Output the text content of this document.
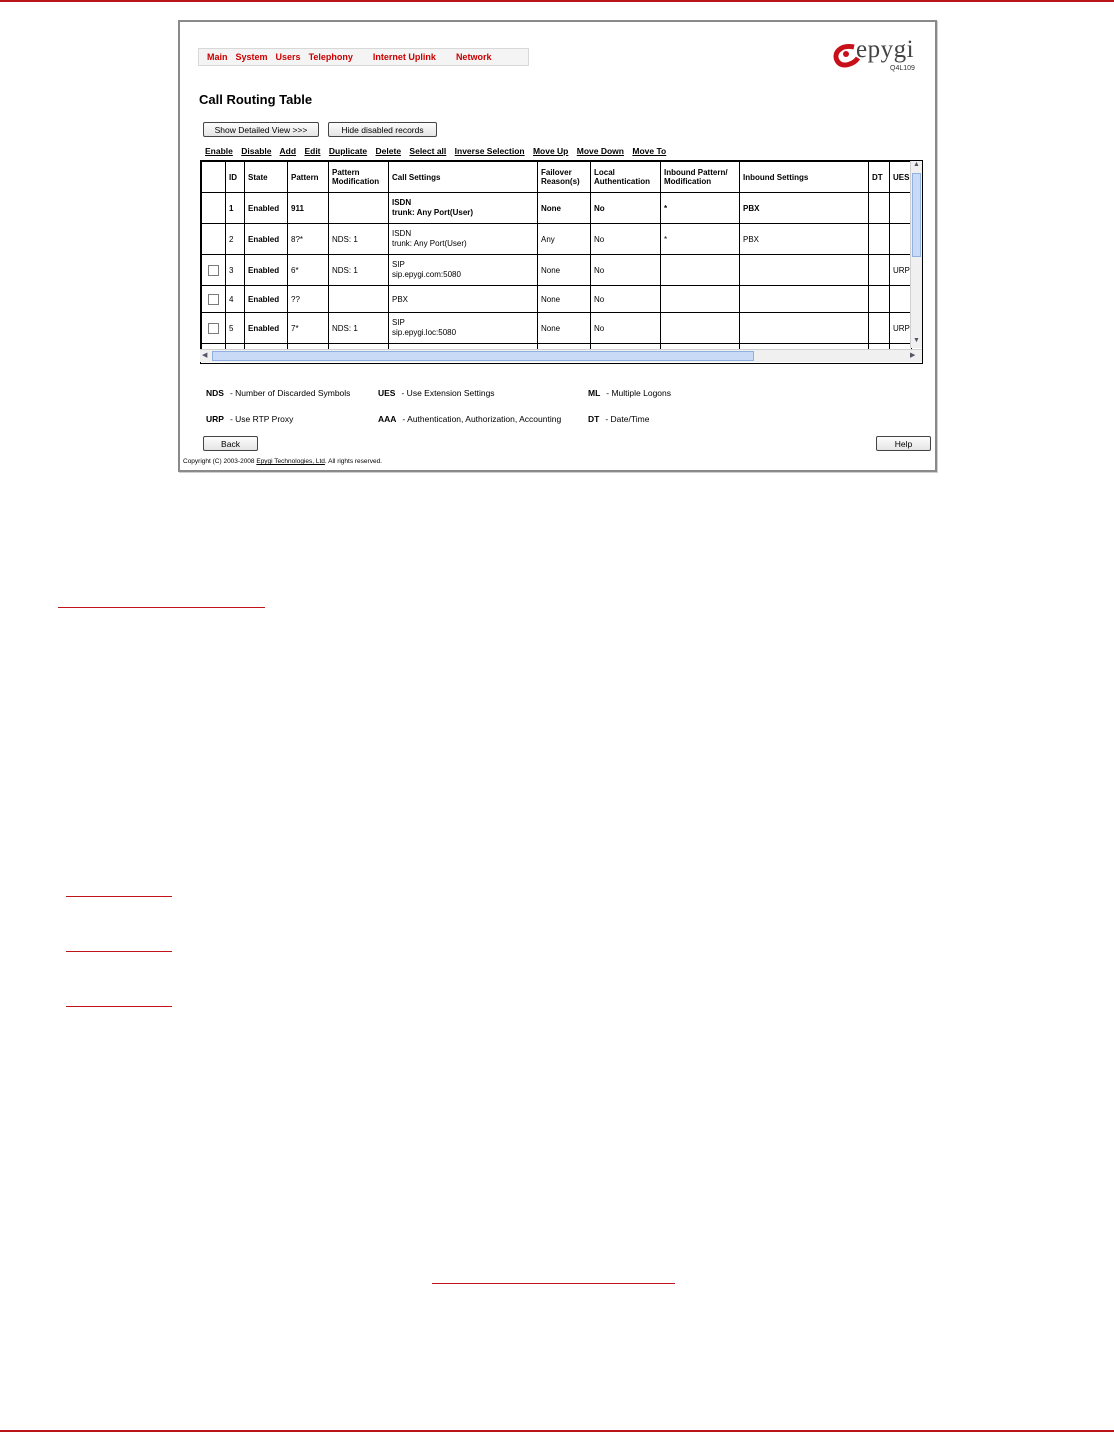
Main System Users Telephony Internet Uplink Network	epygi
Q4L109
Call Routing Table
Show Detailed View >>>	Hide disabled records
Enable Disable Add Edit Duplicate Delete Select all Inverse Selection Move Up Move Down Move To
	ID	State	Pattern	Pattern Modification	Call Settings	Failover Reason(s)	Local Authentication	Inbound Pattern/ Modification	Inbound Settings	DT	UES
	1	Enabled	911		ISDN
trunk: Any Port(User)	None	No	*	PBX		
	2	Enabled	8?*	NDS: 1	ISDN
trunk: Any Port(User)	Any	No	*	PBX		
	3	Enabled	6*	NDS: 1	SIP
sip.epygi.com:5080	None	No				URP
	4	Enabled	??		PBX	None	No				
	5	Enabled	7*	NDS: 1	SIP
sip.epygi.loc:5080	None	No				URP

▲
▼
◀	▶
NDS - Number of Discarded Symbols	UES - Use Extension Settings	ML - Multiple Logons
URP - Use RTP Proxy	AAA - Authentication, Authorization, Accounting	DT - Date/Time
Back	Help
Copyright (C) 2003-2008 Epygi Technologies, Ltd. All rights reserved.
